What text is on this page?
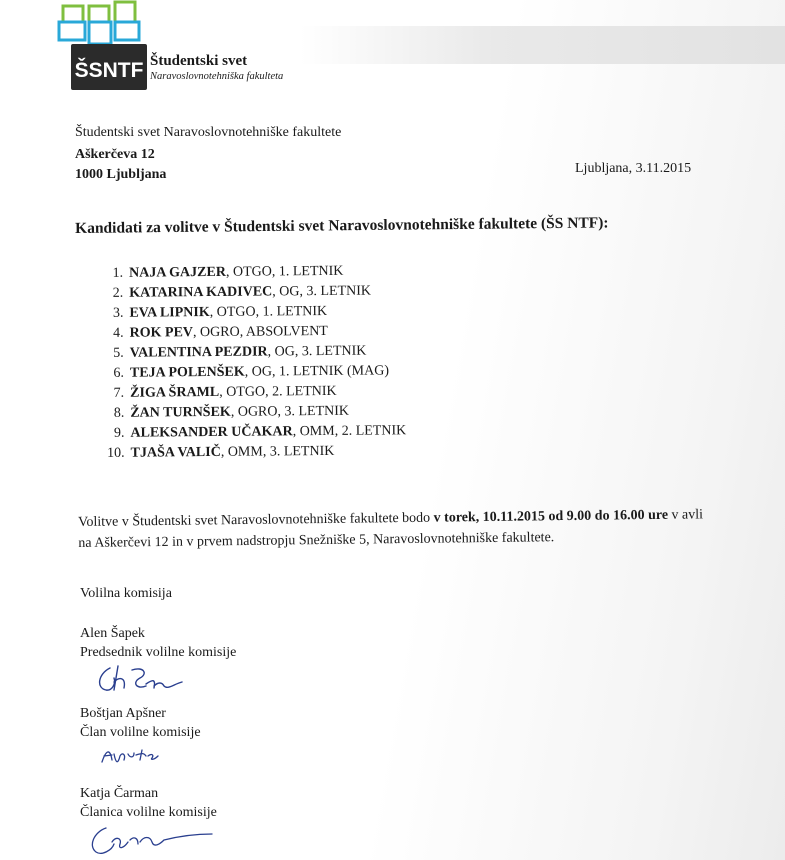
ŠSNTF Študentski svet
Naravoslovnotehniška fakulteta
Študentski svet Naravoslovnotehniške fakultete
Aškerčeva 12
1000 Ljubljana	Ljubljana, 3.11.2015
Kandidati za volitve v Študentski svet Naravoslovnotehniške fakultete (ŠS NTF):
1. NAJA GAJZER, OTGO, 1. LETNIK
2. KATARINA KADIVEC, OG, 3. LETNIK
3. EVA LIPNIK, OTGO, 1. LETNIK
4. ROK PEV, OGRO, ABSOLVENT
5. VALENTINA PEZDIR, OG, 3. LETNIK
6. TEJA POLENŠEK, OG, 1. LETNIK (MAG)
7. ŽIGA ŠRAML, OTGO, 2. LETNIK
8. ŽAN TURNŠEK, OGRO, 3. LETNIK
9. ALEKSANDER UČAKAR, OMM, 2. LETNIK
10. TJAŠA VALIČ, OMM, 3. LETNIK

Volitve v Študentski svet Naravoslovnotehniške fakultete bodo v torek, 10.11.2015 od 9.00 do 16.00 ure v avli na Aškerčevi 12 in v prvem nadstropju Snežniške 5, Naravoslovnotehniške fakultete.

Volilna komisija
Alen Šapek
Predsednik volilne komisije
Boštjan Apšner
Član volilne komisije
Katja Čarman
Članica volilne komisije
